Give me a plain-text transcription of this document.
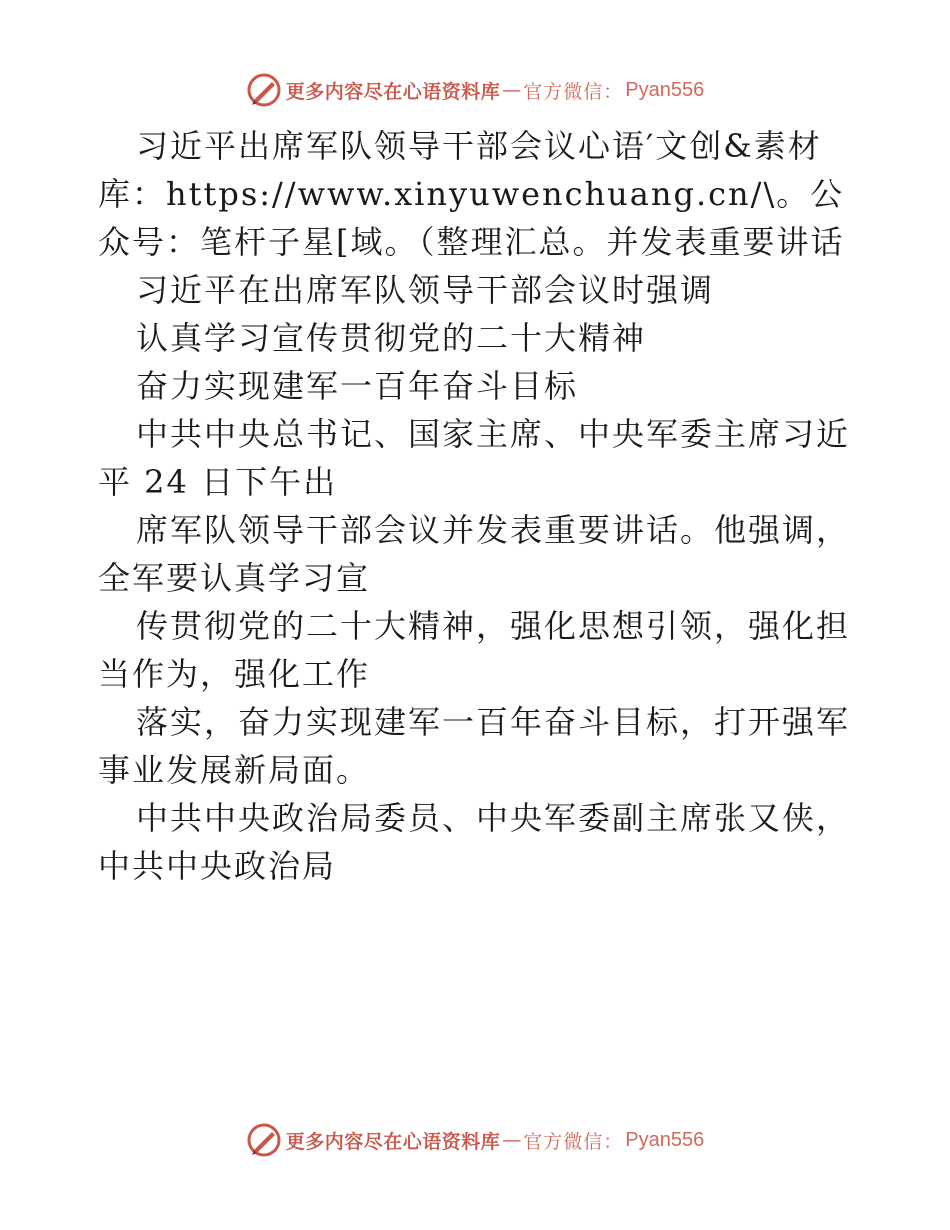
更多内容尽在心语资料库 — 官方微信： Pyan556

习近平出席军队领导干部会议心语′文创&素材库：https://www.xinyuwenchuang.cn/\。公众号：笔杆子星[域。（整理汇总。并发表重要讲话

习近平在出席军队领导干部会议时强调

认真学习宣传贯彻党的二十大精神

奋力实现建军一百年奋斗目标

中共中央总书记、国家主席、中央军委主席习近平 24 日下午出

席军队领导干部会议并发表重要讲话。他强调，全军要认真学习宣

传贯彻党的二十大精神，强化思想引领，强化担当作为，强化工作

落实，奋力实现建军一百年奋斗目标，打开强军事业发展新局面。

中共中央政治局委员、中央军委副主席张又侠，中共中央政治局

更多内容尽在心语资料库 — 官方微信： Pyan556
